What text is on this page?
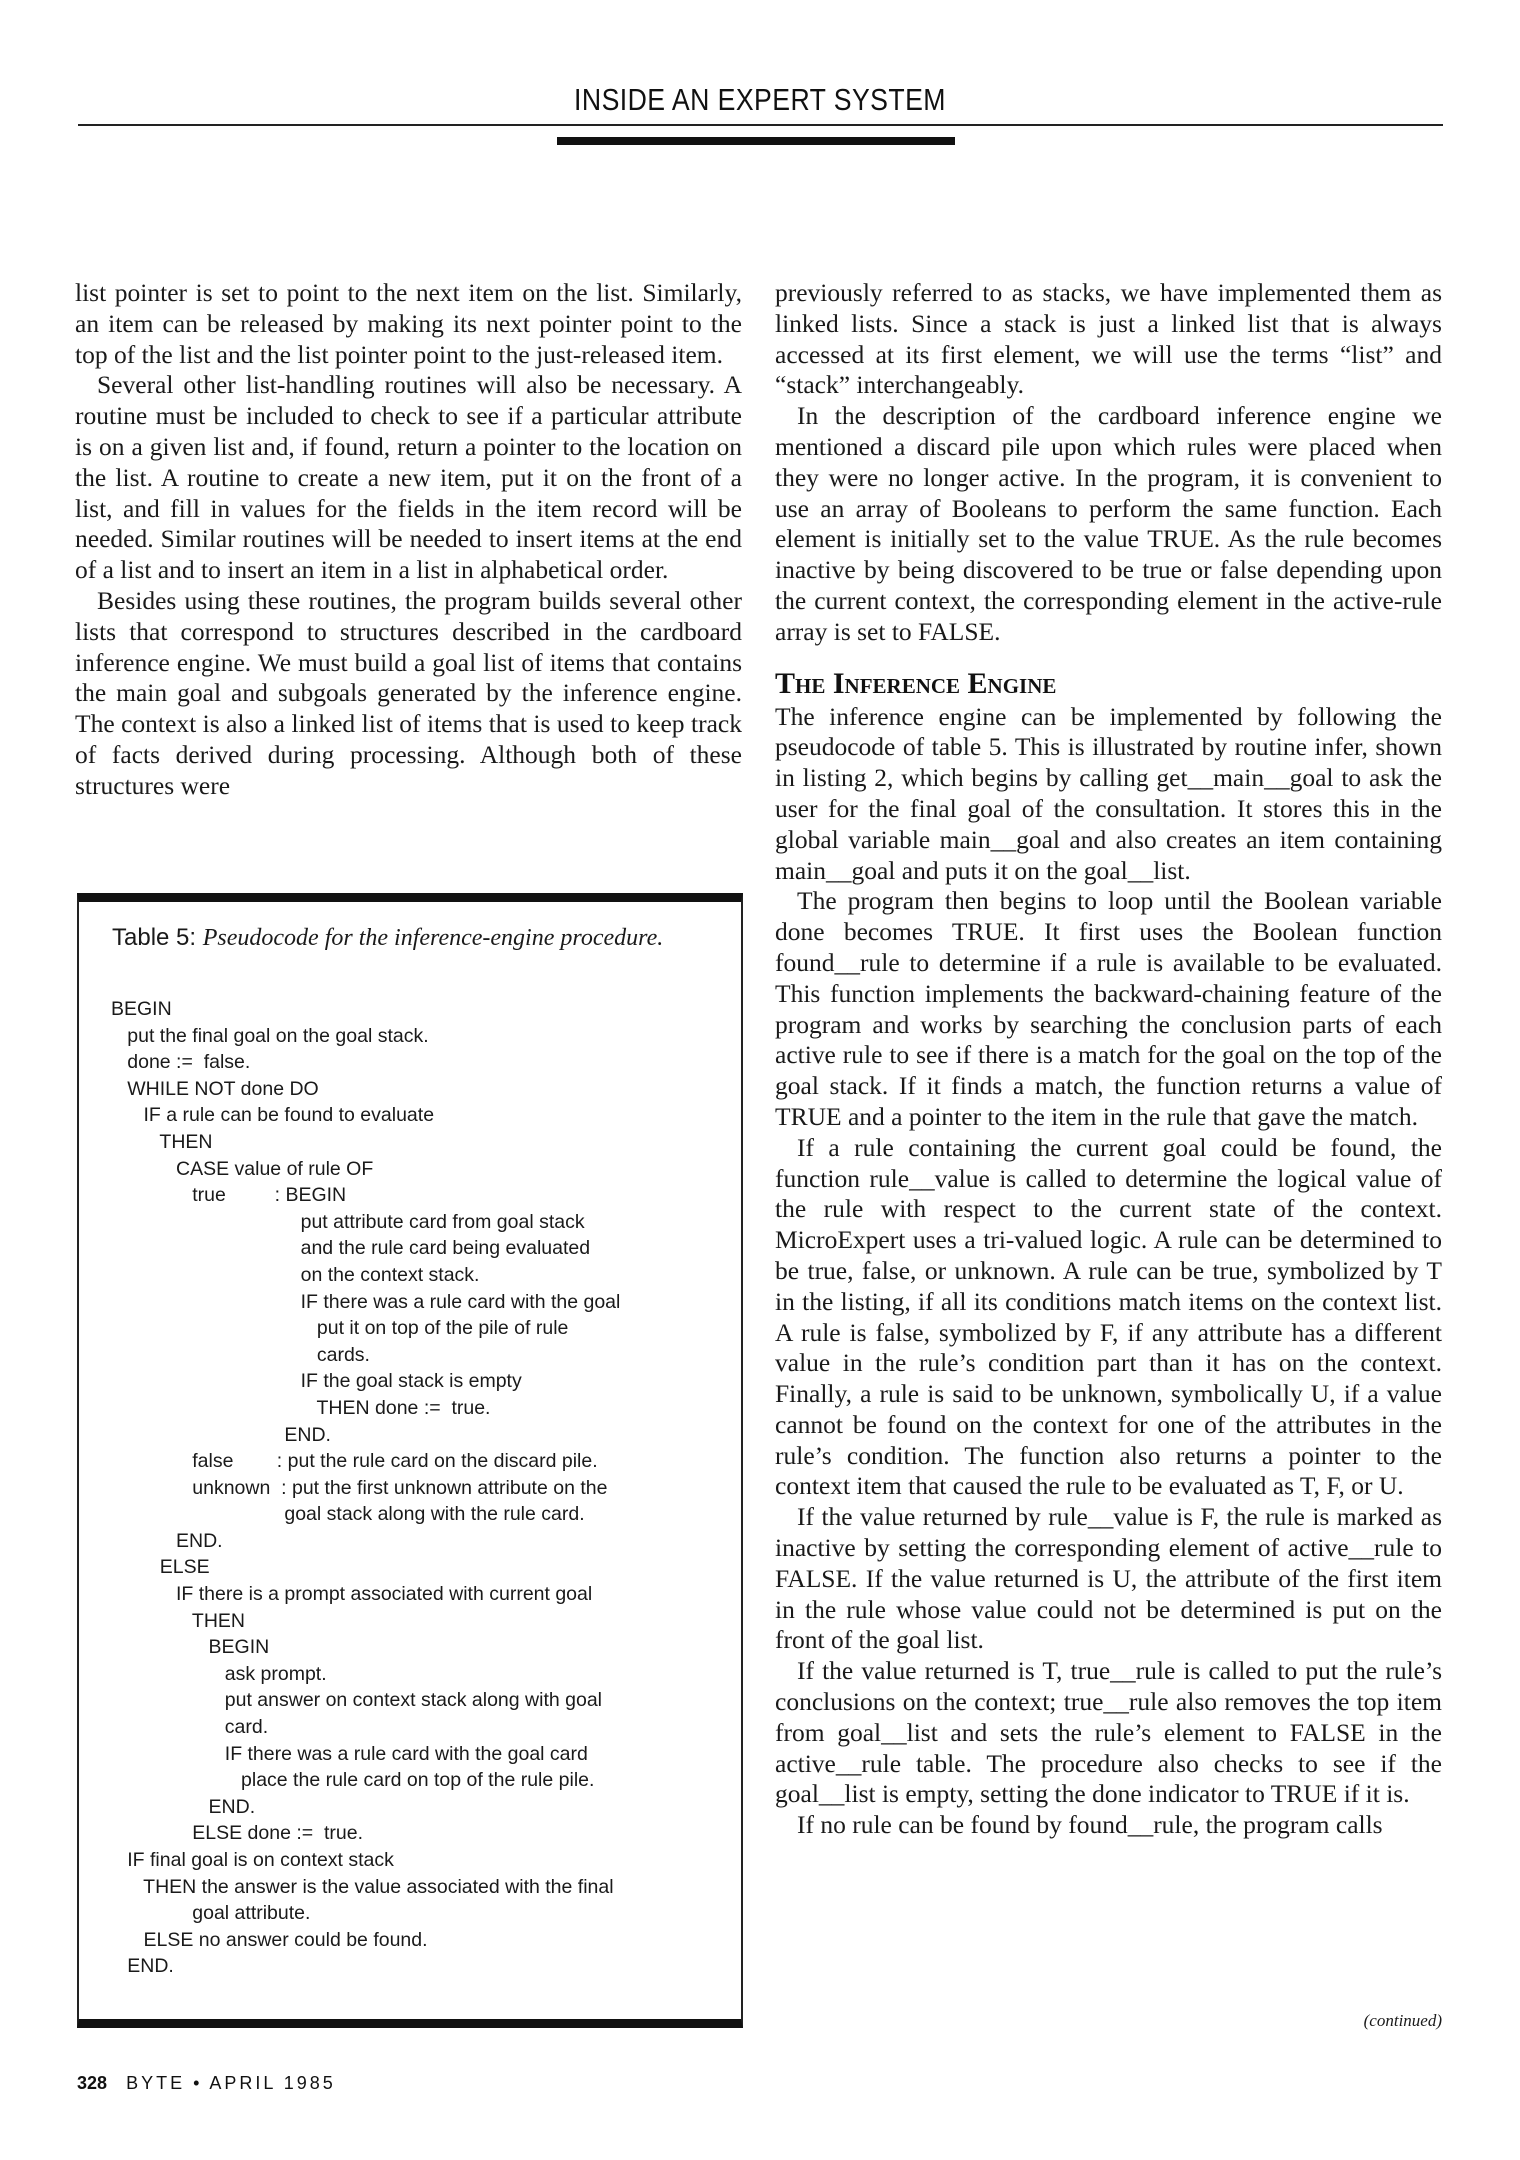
INSIDE AN EXPERT SYSTEM

list pointer is set to point to the next item on the list. Similarly, an item can be released by making its next pointer point to the top of the list and the list pointer point to the just-released item.

Several other list-handling routines will also be necessary. A routine must be included to check to see if a particular attribute is on a given list and, if found, return a pointer to the location on the list. A routine to create a new item, put it on the front of a list, and fill in values for the fields in the item record will be needed. Similar routines will be needed to insert items at the end of a list and to insert an item in a list in alphabetical order.

Besides using these routines, the program builds several other lists that correspond to structures described in the cardboard inference engine. We must build a goal list of items that contains the main goal and subgoals generated by the inference engine. The context is also a linked list of items that is used to keep track of facts derived during processing. Although both of these structures were

Table 5: Pseudocode for the inference-engine procedure.
BEGIN
put the final goal on the goal stack.
done :=  false.
WHILE NOT done DO
IF a rule can be found to evaluate
THEN
CASE value of rule OF
true         : BEGIN
put attribute card from goal stack
and the rule card being evaluated
on the context stack.
IF there was a rule card with the goal
put it on top of the pile of rule
cards.
IF the goal stack is empty
THEN done :=  true.
END.
false        : put the rule card on the discard pile.
unknown  : put the first unknown attribute on the
goal stack along with the rule card.
END.
ELSE
IF there is a prompt associated with current goal
THEN
BEGIN
ask prompt.
put answer on context stack along with goal
card.
IF there was a rule card with the goal card
place the rule card on top of the rule pile.
END.
ELSE done :=  true.
IF final goal is on context stack
THEN the answer is the value associated with the final
goal attribute.
ELSE no answer could be found.
END.

previously referred to as stacks, we have implemented them as linked lists. Since a stack is just a linked list that is always accessed at its first element, we will use the terms “list” and “stack” interchangeably.

In the description of the cardboard inference engine we mentioned a discard pile upon which rules were placed when they were no longer active. In the program, it is convenient to use an array of Booleans to perform the same function. Each element is initially set to the value TRUE. As the rule becomes inactive by being discovered to be true or false depending upon the current context, the corresponding element in the active-rule array is set to FALSE.

The Inference Engine

The inference engine can be implemented by following the pseudocode of table 5. This is illustrated by routine infer, shown in listing 2, which begins by calling get__main__goal to ask the user for the final goal of the consultation. It stores this in the global variable main__goal and also creates an item containing main__goal and puts it on the goal__list.

The program then begins to loop until the Boolean variable done becomes TRUE. It first uses the Boolean function found__rule to determine if a rule is available to be evaluated. This function implements the backward-chaining feature of the program and works by searching the conclusion parts of each active rule to see if there is a match for the goal on the top of the goal stack. If it finds a match, the function returns a value of TRUE and a pointer to the item in the rule that gave the match.

If a rule containing the current goal could be found, the function rule__value is called to determine the logical value of the rule with respect to the current state of the context. MicroExpert uses a tri-valued logic. A rule can be determined to be true, false, or unknown. A rule can be true, symbolized by T in the listing, if all its conditions match items on the context list. A rule is false, symbolized by F, if any attribute has a different value in the rule’s condition part than it has on the context. Finally, a rule is said to be unknown, symbolically U, if a value cannot be found on the context for one of the attributes in the rule’s condition. The function also returns a pointer to the context item that caused the rule to be evaluated as T, F, or U.

If the value returned by rule__value is F, the rule is marked as inactive by setting the corresponding element of active__rule to FALSE. If the value returned is U, the attribute of the first item in the rule whose value could not be determined is put on the front of the goal list.

If the value returned is T, true__rule is called to put the rule’s conclusions on the context; true__rule also removes the top item from goal__list and sets the rule’s element to FALSE in the active__rule table. The procedure also checks to see if the goal__list is empty, setting the done indicator to TRUE if it is.

If no rule can be found by found__rule, the program calls

(continued)
328 BYTE • APRIL 1985
